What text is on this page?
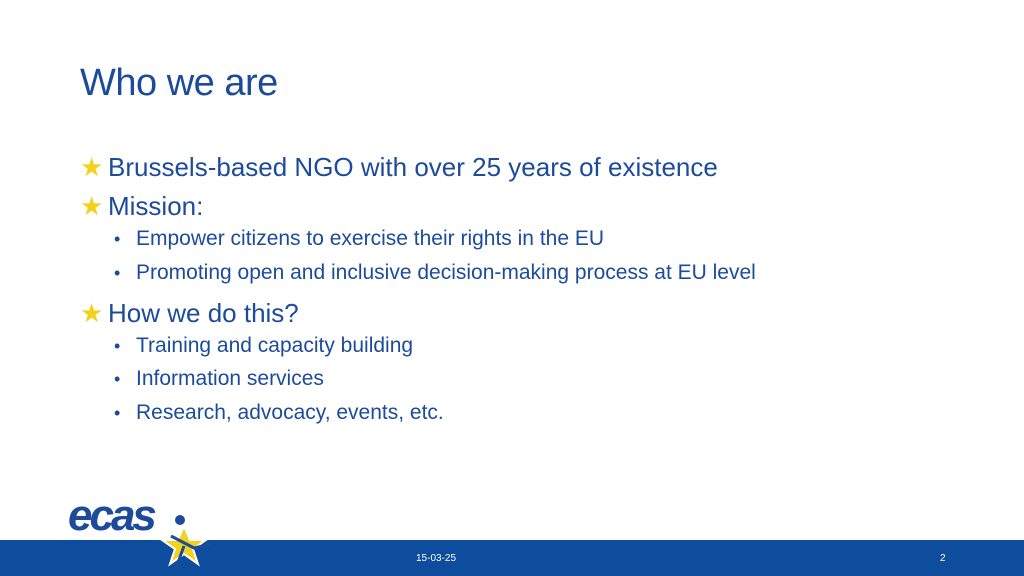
Who we are
★ Brussels-based NGO with over 25 years of existence
★ Mission:
• Empower citizens to exercise their rights in the EU
• Promoting open and inclusive decision-making process at EU level
★ How we do this?
• Training and capacity building
• Information services
• Research, advocacy, events, etc.
15-03-25	2
ecas
